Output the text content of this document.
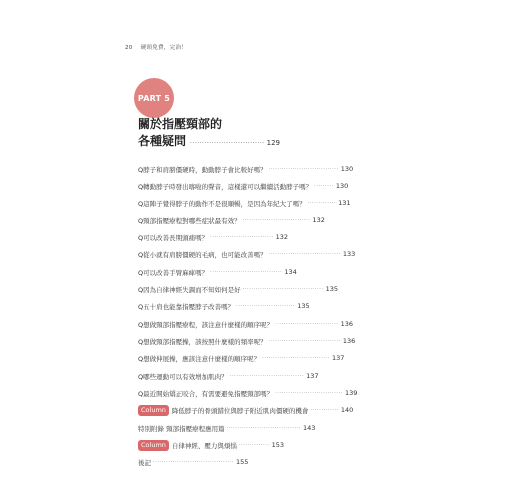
20 硬頸免費，完治！
PART 5
關於指壓頸部的
各種疑問 ······························· 129
Q脖子和肩膀僵硬時，動動脖子會比較好嗎？ ································ 130
Q轉動脖子時發出喀啦的聲音，這樣還可以繼續活動脖子嗎？ ········· 130
Q這陣子覺得脖子的動作不是很順暢，是因為年紀大了嗎？ ············· 131
Q頸部指壓療程對哪些症狀最有效？ ······························· 132
Q可以改善長期頭痛嗎？ ····························· 132
Q從小就有肩膀僵硬的毛病，也可能改善嗎？ ································· 133
Q可以改善手臂麻痺嗎？ ································· 134
Q因為自律神經失調而不知如何是好 ····································· 135
Q五十肩也能靠指壓脖子改善嗎？ ··························· 135
Q想做頸部指壓療程，該注意什麼樣的順序呢？ ····························· 136
Q想做頸部指壓操，該按照什麼樣的頻率呢？ ································· 136
Q想做伸展操，應該注意什麼樣的順序呢？ ······························· 137
Q哪些運動可以有效增加肌肉？ ·································· 137
Q最近開始矯正咬合，有需要避免指壓頸部嗎？ ······························· 139
Column 降低脖子的骨頭錯位與脖子附近肌肉僵硬的機會 ············· 140
特別附錄 頸部指壓療程應用篇 ·································· 143
Column 自律神經、壓力與煩惱 ·············· 153
後記 ····································· 155
